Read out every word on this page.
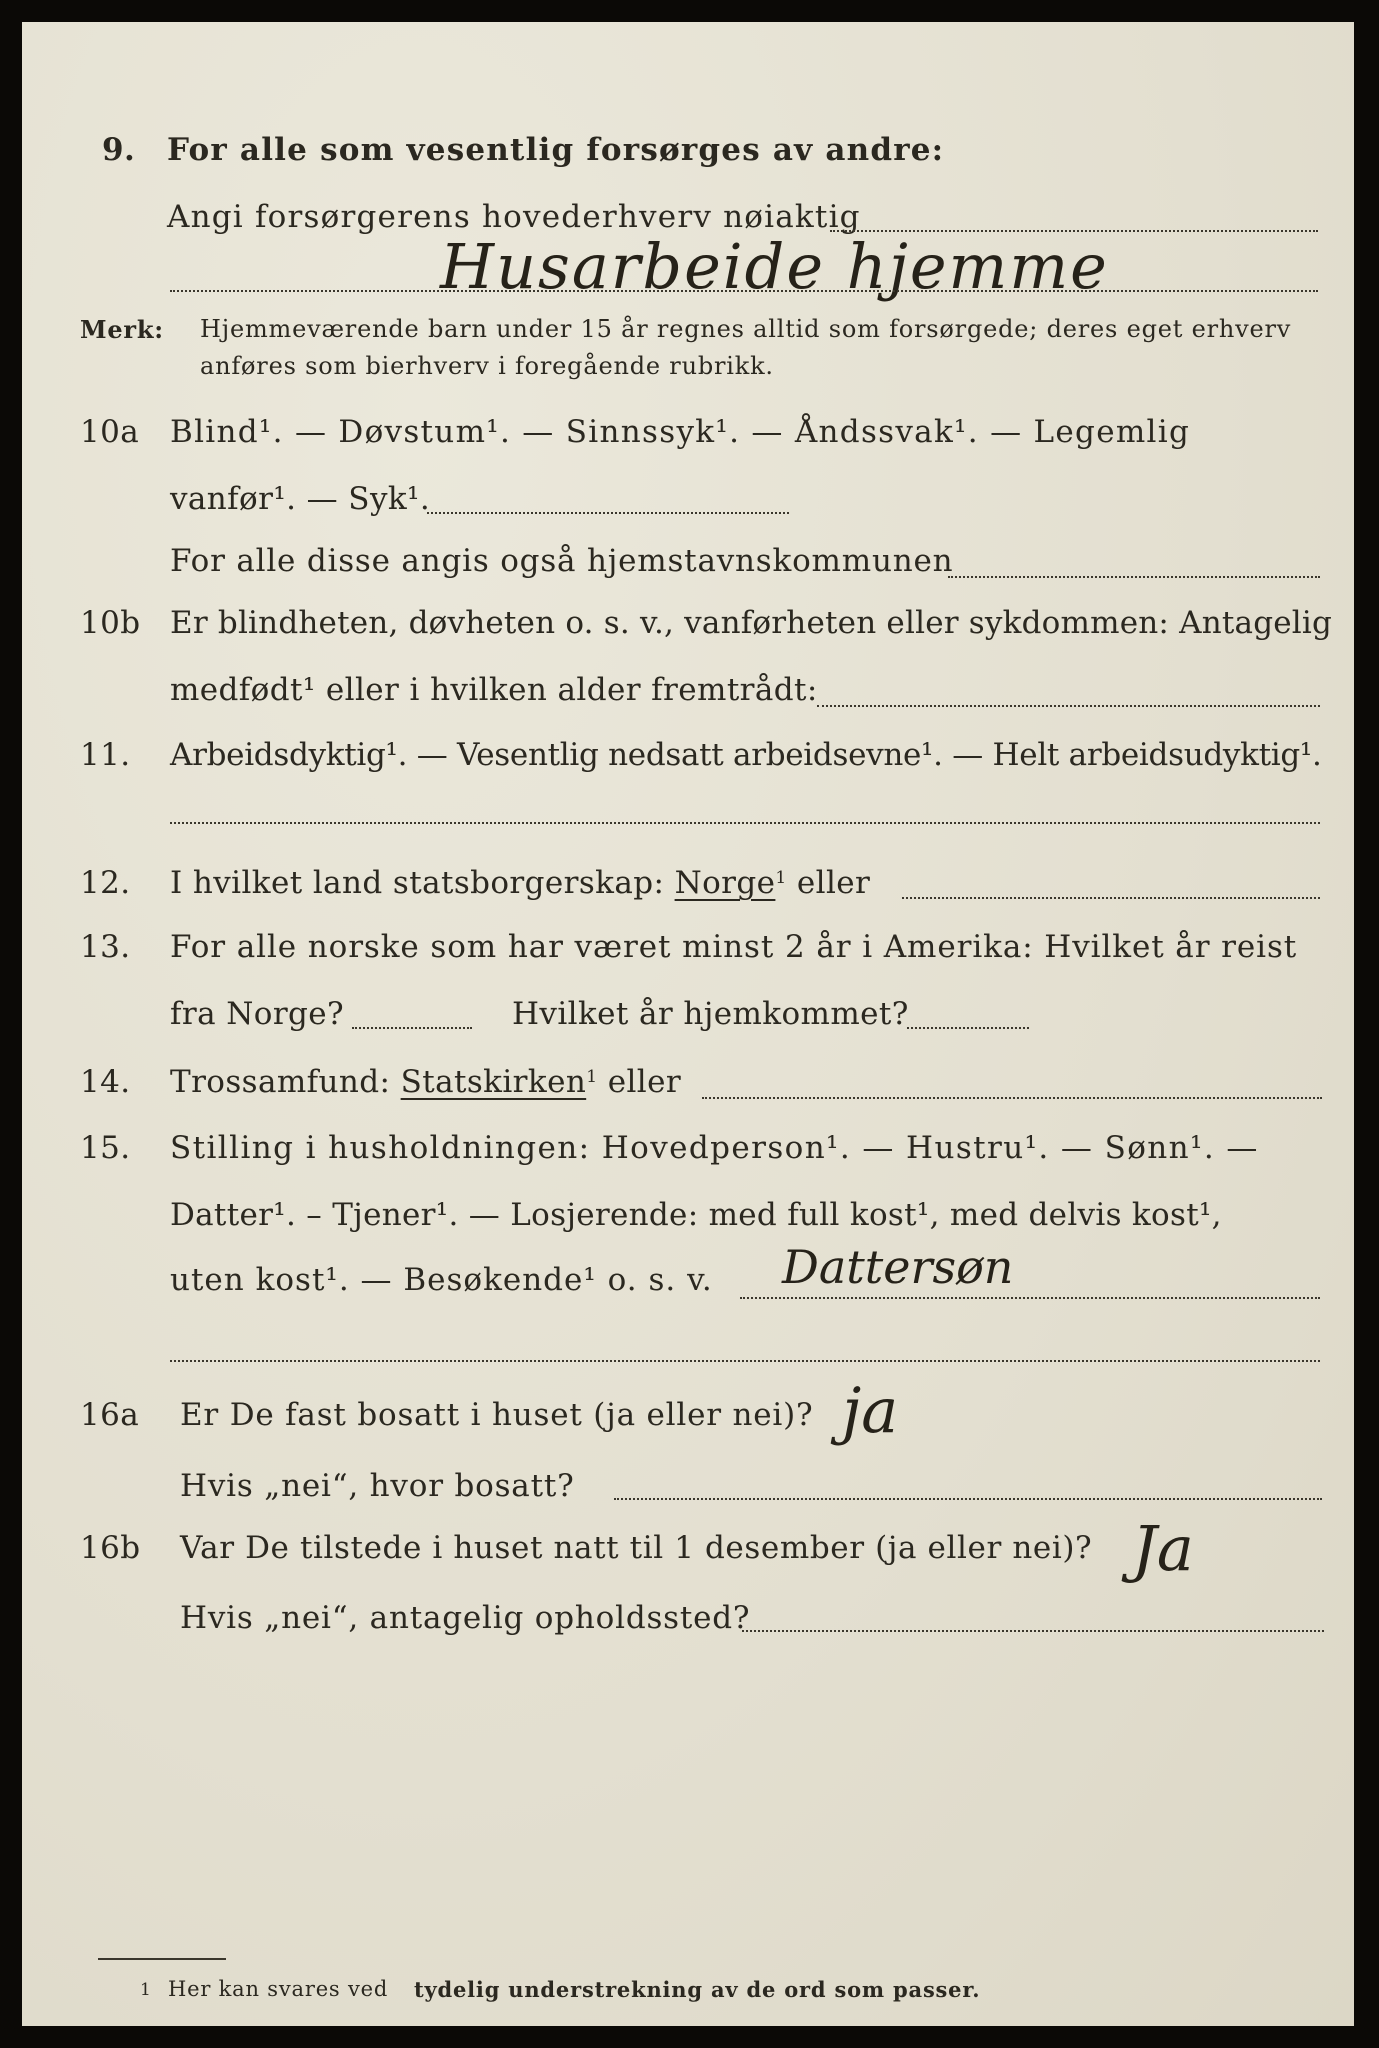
9. For alle som vesentlig forsørges av andre:
Angi forsørgerens hovederhverv nøiaktig
Husarbeide hjemme
Merk: Hjemmeværende barn under 15 år regnes alltid som forsørgede; deres eget erhverv
anføres som bierhverv i foregående rubrikk.
10a Blind¹. — Døvstum¹. — Sinnssyk¹. — Åndssvak¹. — Legemlig
vanfør¹. — Syk¹.
For alle disse angis også hjemstavnskommunen
10b Er blindheten, døvheten o. s. v., vanførheten eller sykdommen: Antagelig
medfødt¹ eller i hvilken alder fremtrådt:
11. Arbeidsdyktig¹. — Vesentlig nedsatt arbeidsevne¹. — Helt arbeidsudyktig¹.
12. I hvilket land statsborgerskap: Norge$^1$ eller
13. For alle norske som har været minst 2 år i Amerika: Hvilket år reist
fra Norge?	Hvilket år hjemkommet?
14. Trossamfund: Statskirken$^1$ eller
15. Stilling i husholdningen: Hovedperson¹. — Hustru¹. — Sønn¹. —
Datter¹. – Tjener¹. — Losjerende: med full kost¹, med delvis kost¹,
uten kost¹. — Besøkende¹ o. s. v. Dattersøn
16a Er De fast bosatt i huset (ja eller nei)? ja
Hvis „nei“, hvor bosatt?
16b Var De tilstede i huset natt til 1 desember (ja eller nei)? Ja
Hvis „nei“, antagelig opholdssted?
1 Her kan svares ved tydelig understrekning av de ord som passer.
